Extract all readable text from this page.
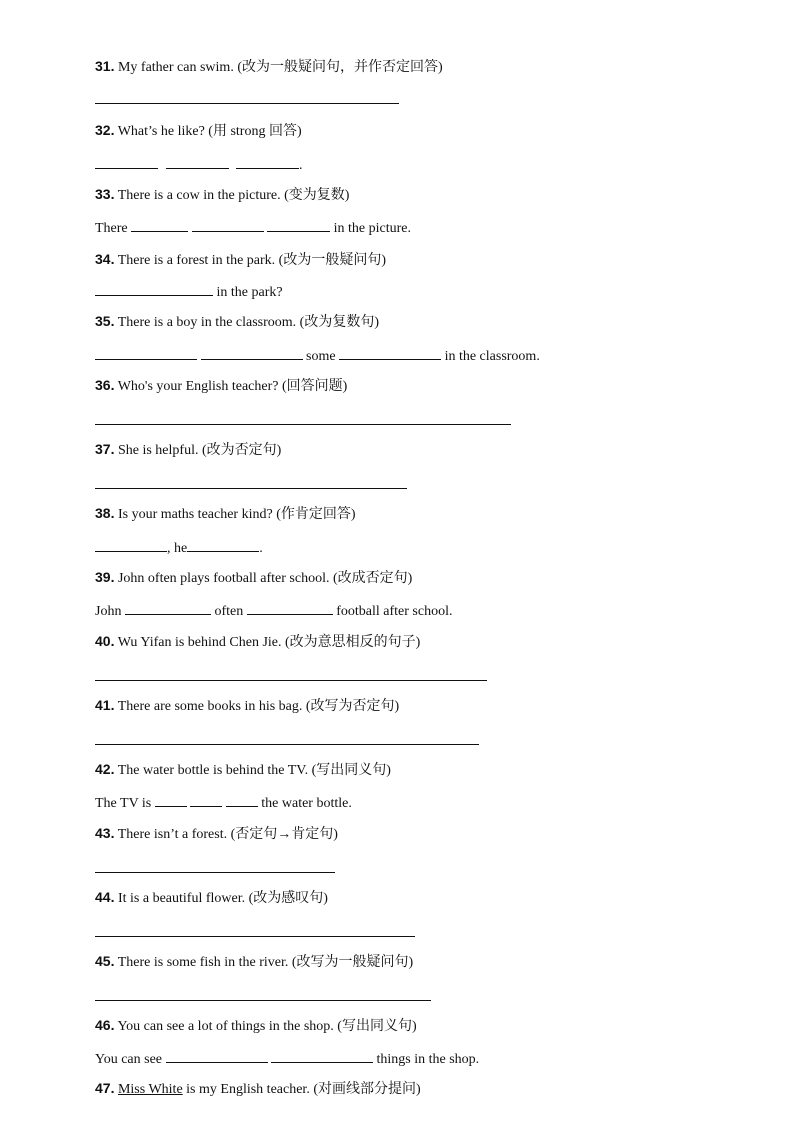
31. My father can swim. (改为一般疑问句，并作否定回答)
32. What’s he like? (用 strong 回答)
.
33. There is a cow in the picture. (变为复数)
There	in the picture.
34. There is a forest in the park. (改为一般疑问句)
in the park?
35. There is a boy in the classroom. (改为复数句)
some	in the classroom.
36. Who's your English teacher? (回答问题)
37. She is helpful. (改为否定句)
38. Is your maths teacher kind? (作肯定回答)
, he	.
39. John often plays football after school. (改成否定句)
John	often	football after school.
40. Wu Yifan is behind Chen Jie. (改为意思相反的句子)
41. There are some books in his bag. (改写为否定句)
42. The water bottle is behind the TV. (写出同义句)
The TV is	the water bottle.
43. There isn’t a forest. (否定句→肯定句)
44. It is a beautiful flower. (改为感叹句)
45. There is some fish in the river. (改写为一般疑问句)
46. You can see a lot of things in the shop. (写出同义句)
You can see	things in the shop.
47. Miss White is my English teacher. (对画线部分提问)
